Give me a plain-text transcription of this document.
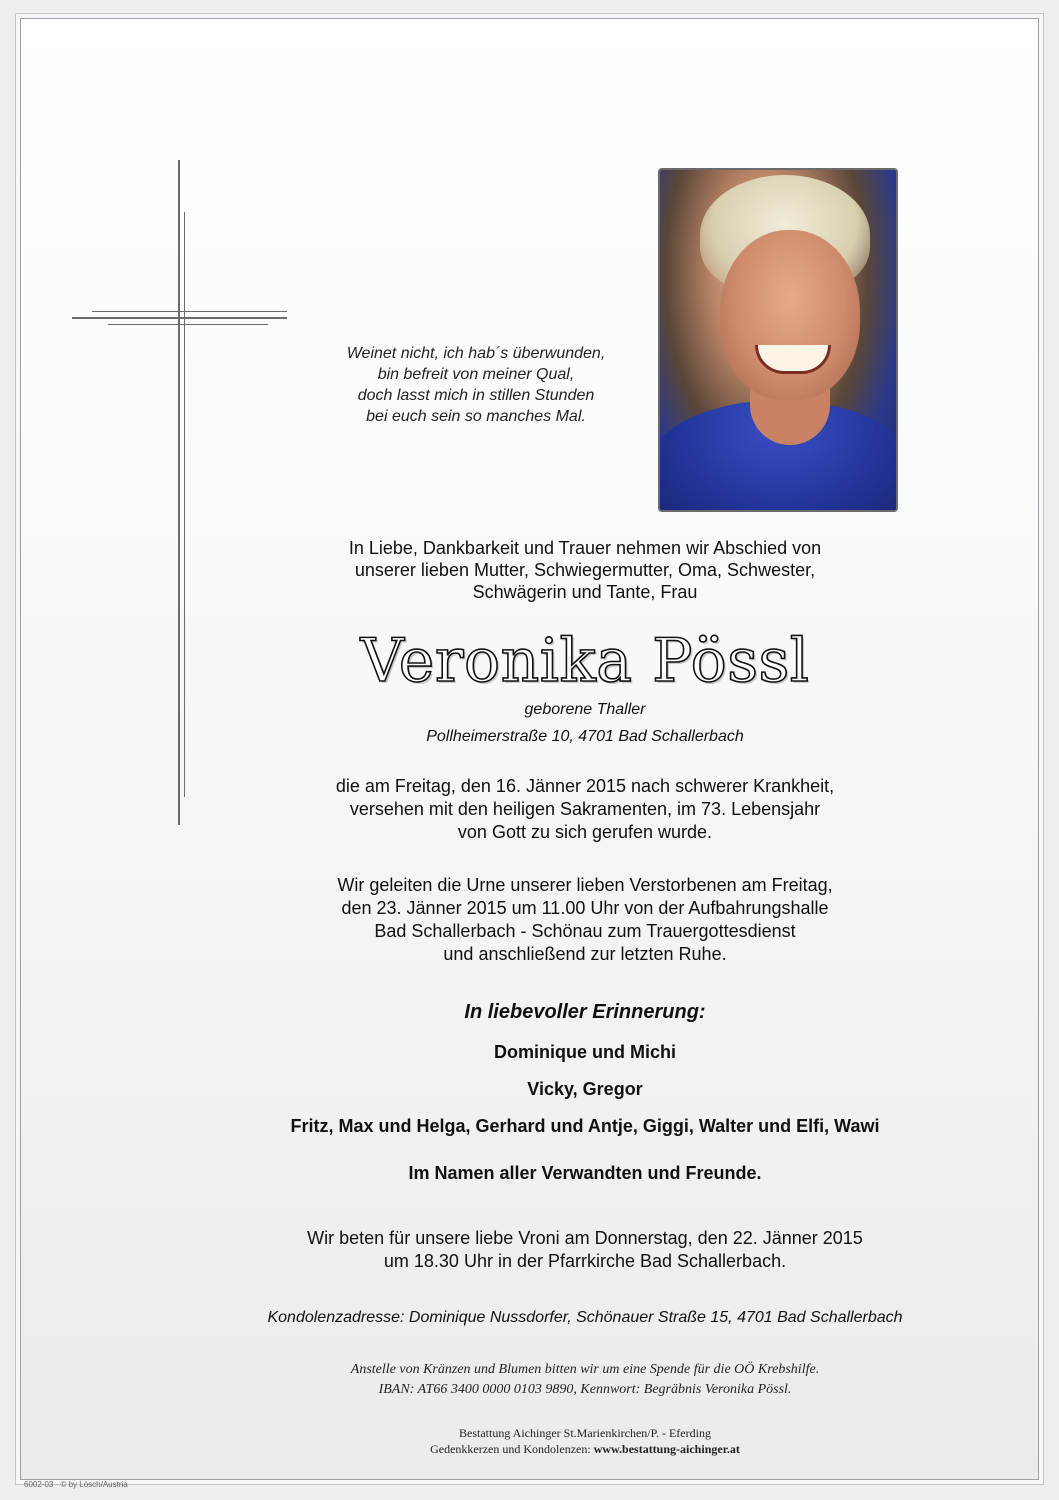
Weinet nicht, ich hab´s überwunden,
bin befreit von meiner Qual,
doch lasst mich in stillen Stunden
bei euch sein so manches Mal.
In Liebe, Dankbarkeit und Trauer nehmen wir Abschied von
unserer lieben Mutter, Schwiegermutter, Oma, Schwester,
Schwägerin und Tante, Frau
Veronika Pössl
geborene Thaller
Pollheimerstraße 10, 4701 Bad Schallerbach
die am Freitag, den 16. Jänner 2015 nach schwerer Krankheit,
versehen mit den heiligen Sakramenten, im 73. Lebensjahr
von Gott zu sich gerufen wurde.
Wir geleiten die Urne unserer lieben Verstorbenen am Freitag,
den 23. Jänner 2015 um 11.00 Uhr von der Aufbahrungshalle
Bad Schallerbach - Schönau zum Trauergottesdienst
und anschließend zur letzten Ruhe.
In liebevoller Erinnerung:
Dominique und Michi
Vicky, Gregor
Fritz, Max und Helga, Gerhard und Antje, Giggi, Walter und Elfi, Wawi
Im Namen aller Verwandten und Freunde.
Wir beten für unsere liebe Vroni am Donnerstag, den 22. Jänner 2015
um 18.30 Uhr in der Pfarrkirche Bad Schallerbach.
Kondolenzadresse: Dominique Nussdorfer, Schönauer Straße 15, 4701 Bad Schallerbach
Anstelle von Kränzen und Blumen bitten wir um eine Spende für die OÖ Krebshilfe.
IBAN: AT66 3400 0000 0103 9890, Kennwort: Begräbnis Veronika Pössl.
Bestattung Aichinger St.Marienkirchen/P. - Eferding
Gedenkkerzen und Kondolenzen: www.bestattung-aichinger.at
6002-03 · © by Lösch/Austria
